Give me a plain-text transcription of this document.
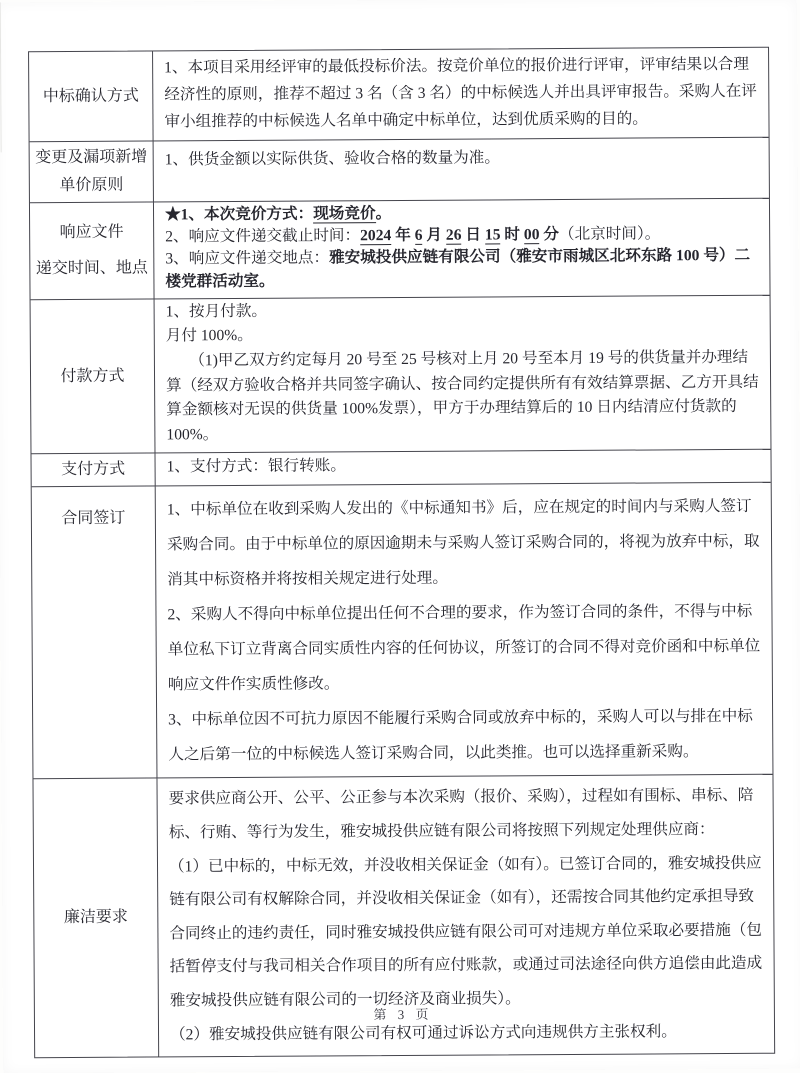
中标确认方式

1、本项目采用经评审的最低投标价法。按竞价单位的报价进行评审，评审结果以合理经济性的原则，推荐不超过 3 名（含 3 名）的中标候选人并出具评审报告。采购人在评审小组推荐的中标候选人名单中确定中标单位，达到优质采购的目的。

变更及漏项新增
单价原则

1、供货金额以实际供货、验收合格的数量为准。

响应文件
递交时间、地点

★1、本次竞价方式：现场竞价。

2、响应文件递交截止时间：2024 年 6 月 26 日 15 时 00 分（北京时间）。

3、响应文件递交地点：雅安城投供应链有限公司（雅安市雨城区北环东路 100 号）二楼党群活动室。

付款方式

1、按月付款。

月付 100%。

　　（1)甲乙双方约定每月 20 号至 25 号核对上月 20 号至本月 19 号的供货量并办理结算（经双方验收合格并共同签字确认、按合同约定提供所有有效结算票据、乙方开具结算金额核对无误的供货量 100%发票），甲方于办理结算后的 10 日内结清应付货款的 100%。

支付方式	1、支付方式：银行转账。

合同签订	1、中标单位在收到采购人发出的《中标通知书》后，应在规定的时间内与采购人签订采购合同。由于中标单位的原因逾期未与采购人签订采购合同的，将视为放弃中标，取消其中标资格并将按相关规定进行处理。

2、采购人不得向中标单位提出任何不合理的要求，作为签订合同的条件，不得与中标单位私下订立背离合同实质性内容的任何协议，所签订的合同不得对竞价函和中标单位响应文件作实质性修改。

3、中标单位因不可抗力原因不能履行采购合同或放弃中标的，采购人可以与排在中标人之后第一位的中标候选人签订采购合同，以此类推。也可以选择重新采购。

廉洁要求

要求供应商公开、公平、公正参与本次采购（报价、采购），过程如有围标、串标、陪标、行贿、等行为发生，雅安城投供应链有限公司将按照下列规定处理供应商：

（1）已中标的，中标无效，并没收相关保证金（如有）。已签订合同的，雅安城投供应链有限公司有权解除合同，并没收相关保证金（如有），还需按合同其他约定承担导致合同终止的违约责任，同时雅安城投供应链有限公司可对违规方单位采取必要措施（包括暂停支付与我司相关合作项目的所有应付账款，或通过司法途径向供方追偿由此造成雅安城投供应链有限公司的一切经济及商业损失）。

（2）雅安城投供应链有限公司有权可通过诉讼方式向违规供方主张权利。

第 3 页
